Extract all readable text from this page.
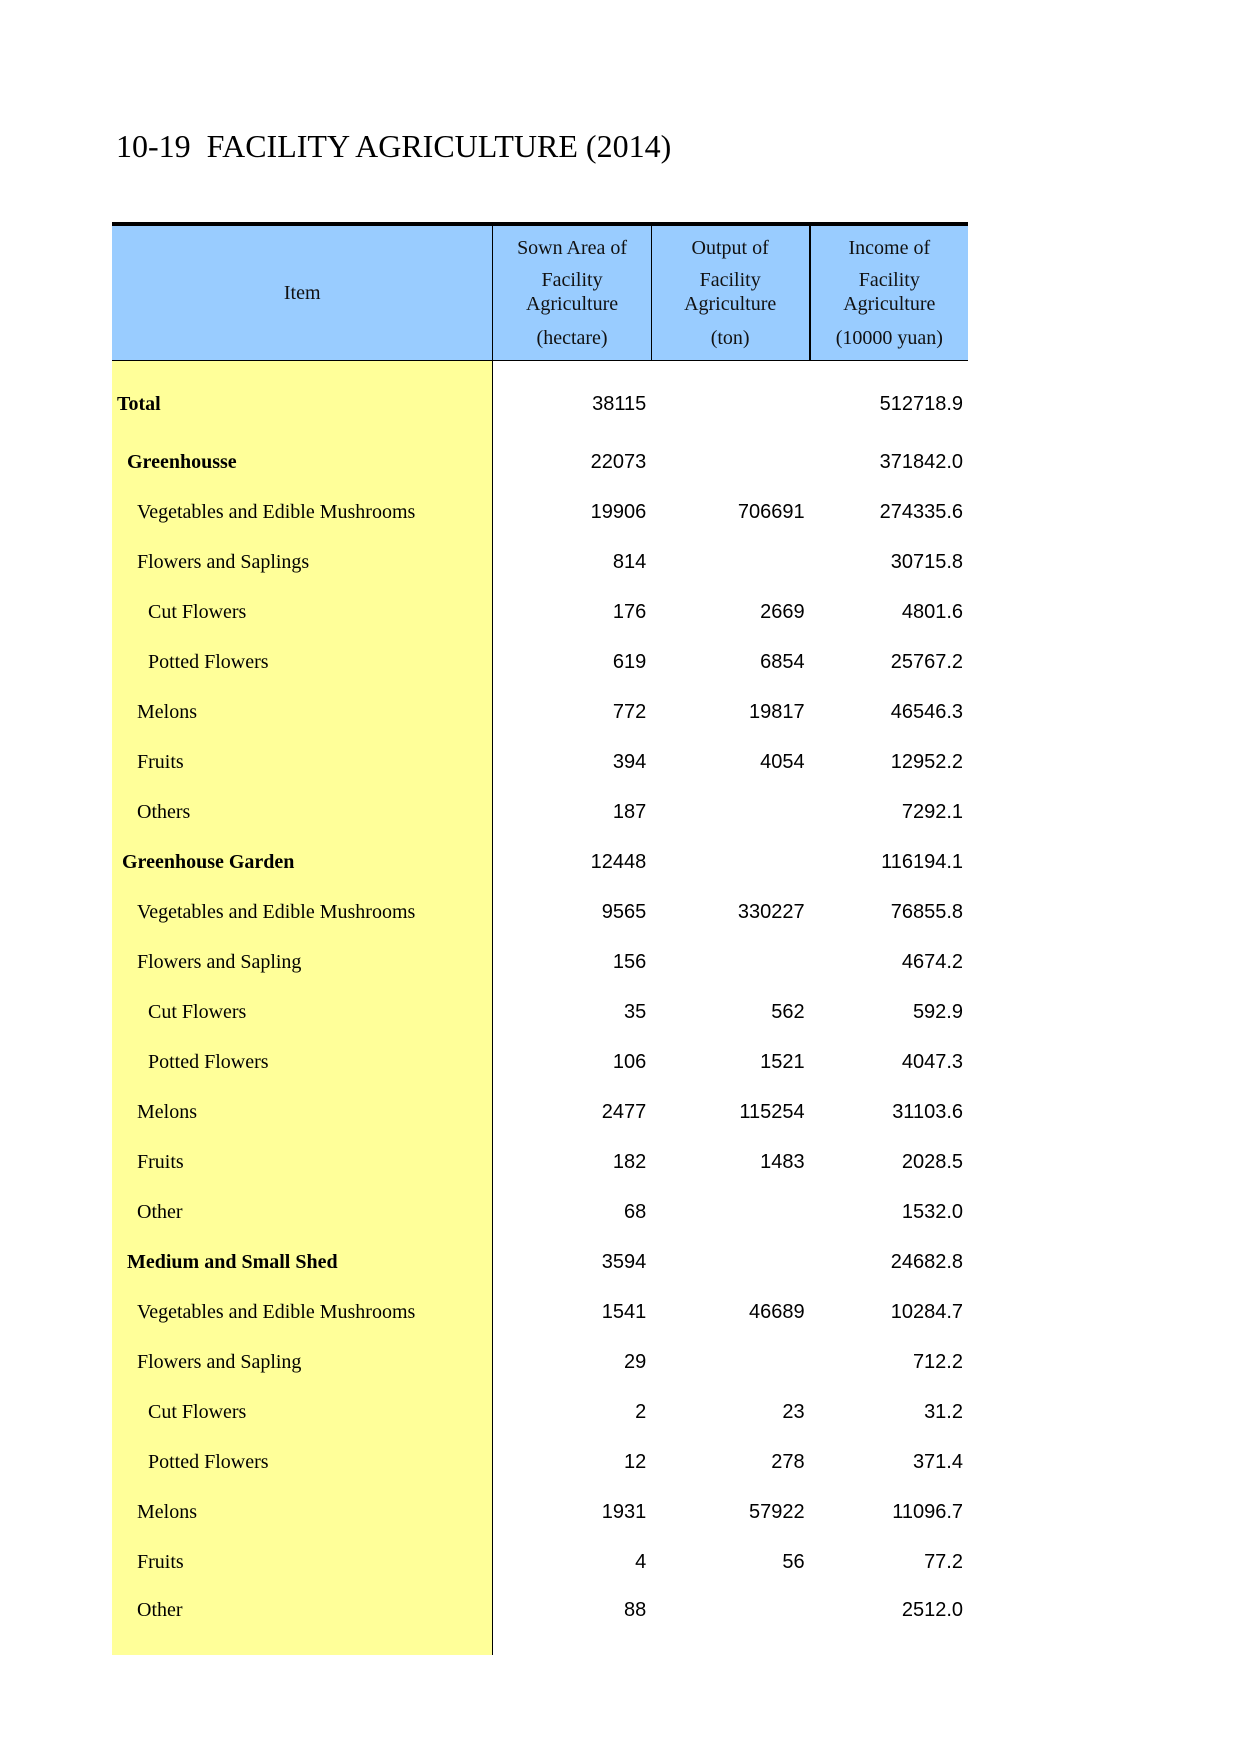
10-19  FACILITY AGRICULTURE (2014)
Item	Sown Area of
Facility
Agriculture
(hectare)	Output of
Facility
Agriculture
(ton)	Income of
Facility
Agriculture
(10000 yuan)

Total	38115		512718.9
Greenhousse	22073		371842.0
Vegetables and Edible Mushrooms	19906	706691	274335.6
Flowers and Saplings	814		30715.8
Cut Flowers	176	2669	4801.6
Potted Flowers	619	6854	25767.2
Melons	772	19817	46546.3
Fruits	394	4054	12952.2
Others	187		7292.1
Greenhouse Garden	12448		116194.1
Vegetables and Edible Mushrooms	9565	330227	76855.8
Flowers and Sapling	156		4674.2
Cut Flowers	35	562	592.9
Potted Flowers	106	1521	4047.3
Melons	2477	115254	31103.6
Fruits	182	1483	2028.5
Other	68		1532.0
Medium and Small Shed	3594		24682.8
Vegetables and Edible Mushrooms	1541	46689	10284.7
Flowers and Sapling	29		712.2
Cut Flowers	2	23	31.2
Potted Flowers	12	278	371.4
Melons	1931	57922	11096.7
Fruits	4	56	77.2
Other	88		2512.0
